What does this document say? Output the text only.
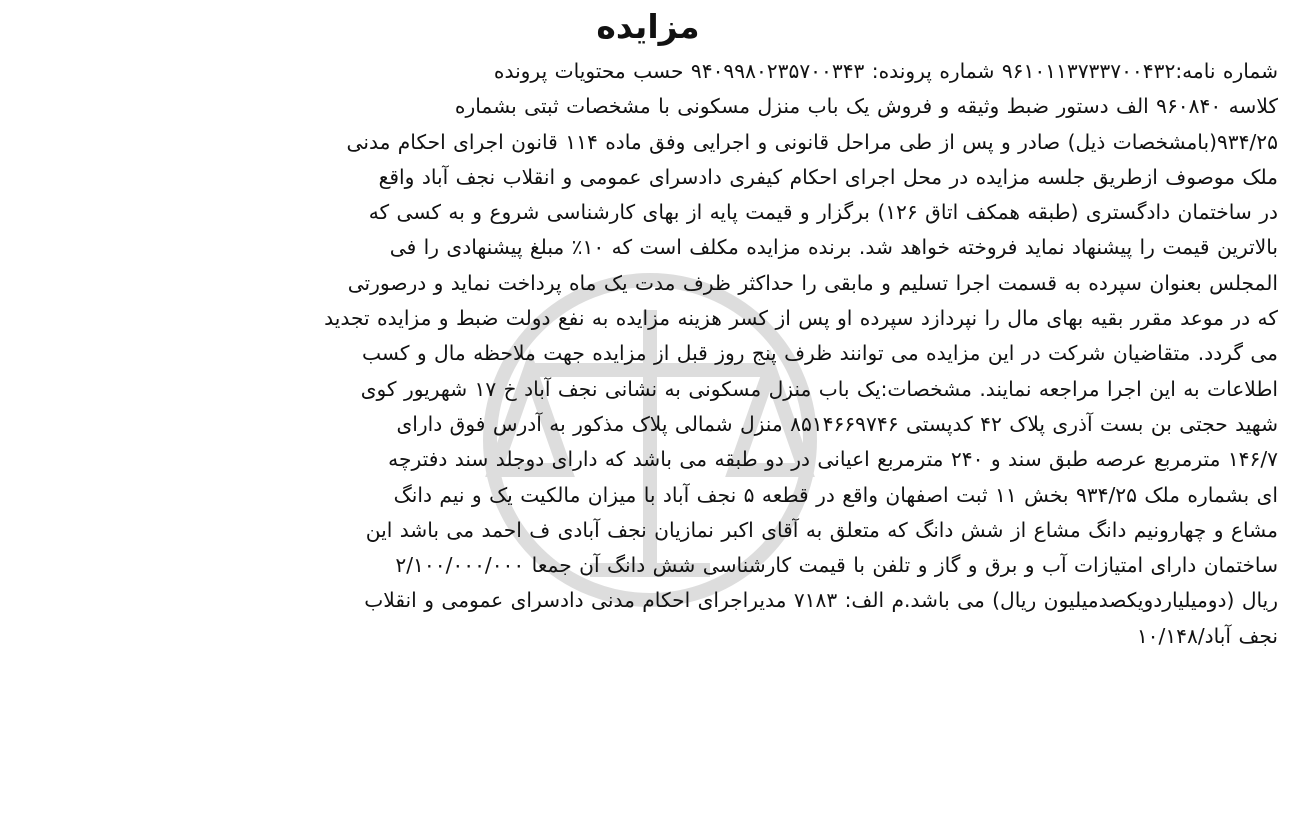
مزایده
شماره نامه:۹۶۱۰۱۱۳۷۳۳۷۰۰۴۳۲ شماره پرونده: ۹۴۰۹۹۸۰۲۳۵۷۰۰۳۴۳ حسب محتویات پرونده
کلاسه ۹۶۰۸۴۰ الف دستور ضبط وثیقه و فروش یک باب منزل مسکونی با مشخصات ثبتی بشماره
۹۳۴/۲۵(بامشخصات ذیل) صادر و پس از طی مراحل قانونی و اجرایی وفق ماده ۱۱۴ قانون اجرای احکام مدنی
ملک موصوف ازطریق جلسه مزایده در محل اجرای احکام کیفری دادسرای عمومی و انقلاب نجف آباد واقع
در ساختمان دادگستری (طبقه همکف اتاق ۱۲۶) برگزار و قیمت پایه از بهای کارشناسی شروع و به کسی که
بالاترین قیمت را پیشنهاد نماید فروخته خواهد شد. برنده مزایده مکلف است که ۱۰٪ مبلغ پیشنهادی را فی
المجلس بعنوان سپرده به قسمت اجرا تسلیم و مابقی را حداکثر ظرف مدت یک ماه پرداخت نماید و درصورتی
که در موعد مقرر بقیه بهای مال را نپردازد سپرده او پس از کسر هزینه مزایده به نفع دولت ضبط و مزایده تجدید
می گردد. متقاضیان شرکت در این مزایده می توانند ظرف پنج روز قبل از مزایده جهت ملاحظه مال و کسب
اطلاعات به این اجرا مراجعه نمایند. مشخصات:یک باب منزل مسکونی به نشانی نجف آباد خ ۱۷ شهریور کوی
شهید حجتی بن بست آذری پلاک ۴۲ کدپستی ۸۵۱۴۶۶۹۷۴۶ منزل شمالی پلاک مذکور به آدرس فوق دارای
۱۴۶/۷ مترمربع عرصه طبق سند و ۲۴۰ مترمربع اعیانی در دو طبقه می باشد که دارای دوجلد سند دفترچه
ای بشماره ملک ۹۳۴/۲۵ بخش ۱۱ ثبت اصفهان واقع در قطعه ۵ نجف آباد با میزان مالکیت یک و نیم دانگ
مشاع و چهارونیم دانگ مشاع از شش دانگ که متعلق به آقای اکبر نمازیان نجف آبادی ف احمد می باشد این
ساختمان دارای امتیازات آب و برق و گاز و تلفن با قیمت کارشناسی شش دانگ آن جمعا ۲/۱۰۰/۰۰۰/۰۰۰
ریال (دومیلیاردویکصدمیلیون ریال) می باشد.م الف: ۷۱۸۳ مدیراجرای احکام مدنی دادسرای عمومی و انقلاب
نجف آباد/۱۰/۱۴۸
